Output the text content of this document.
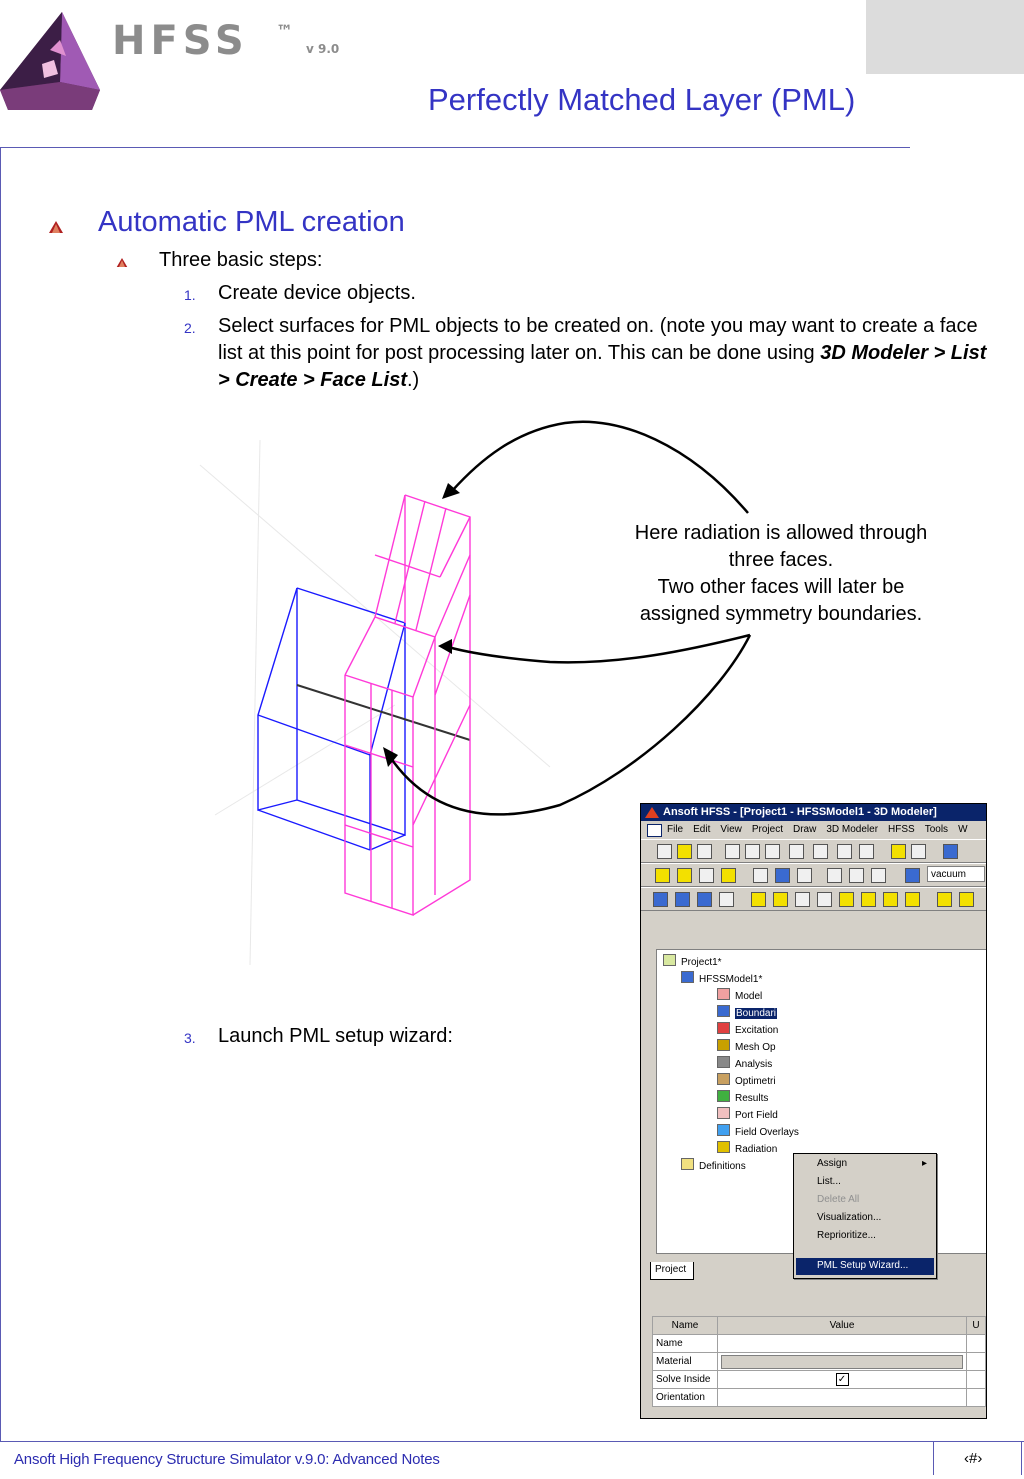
HFSS ™
v 9.0
Perfectly Matched Layer (PML)
Automatic PML creation
Three basic steps:
1. Create device objects.
2. Select surfaces for PML objects to be created on. (note you may want to create a face list at this point for post processing later on. This can be done using 3D Modeler > List > Create > Face List.)
Here radiation is allowed through
three faces.
Two other faces will later be
assigned symmetry boundaries.
3. Launch PML setup wizard:
Ansoft HFSS - [Project1 - HFSSModel1 - 3D Modeler]
File Edit View Project Draw 3D Modeler HFSS Tools W
vacuum
Project1*
HFSSModel1*
Model
Boundari
Excitation
Mesh Op
Analysis
Optimetri
Results
Port Field
Field Overlays
Radiation
Definitions	Assign	▸
List...
Delete All
Visualization...
Reprioritize...
PML Setup Wizard...
Project
Name	Value	U
Name		
Material	

Solve Inside	✓	
Orientation		
Ansoft High Frequency Structure Simulator v.9.0: Advanced Notes	‹#›
